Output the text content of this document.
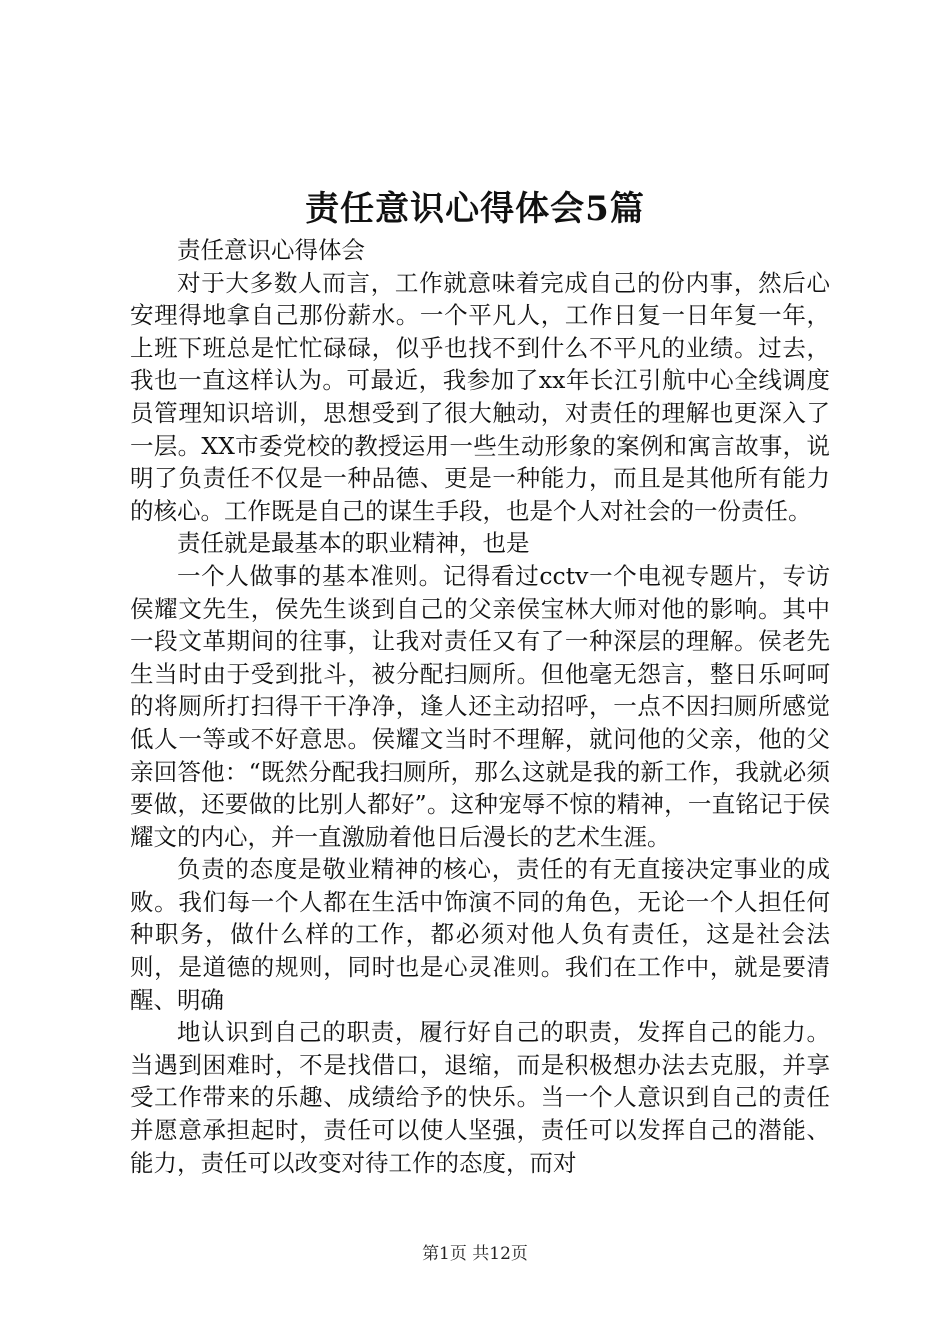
责任意识心得体会5篇

责任意识心得体会

对于大多数人而言，工作就意味着完成自己的份内事，然后心安理得地拿自己那份薪水。一个平凡人，工作日复一日年复一年，上班下班总是忙忙碌碌，似乎也找不到什么不平凡的业绩。过去，我也一直这样认为。可最近，我参加了xx年长江引航中心全线调度员管理知识培训，思想受到了很大触动，对责任的理解也更深入了一层。XX市委党校的教授运用一些生动形象的案例和寓言故事，说明了负责任不仅是一种品德、更是一种能力，而且是其他所有能力的核心。工作既是自己的谋生手段，也是个人对社会的一份责任。

责任就是最基本的职业精神，也是

一个人做事的基本准则。记得看过cctv一个电视专题片，专访侯耀文先生，侯先生谈到自己的父亲侯宝林大师对他的影响。其中一段文革期间的往事，让我对责任又有了一种深层的理解。侯老先生当时由于受到批斗，被分配扫厕所。但他毫无怨言，整日乐呵呵的将厕所打扫得干干净净，逢人还主动招呼，一点不因扫厕所感觉低人一等或不好意思。侯耀文当时不理解，就问他的父亲，他的父亲回答他：“既然分配我扫厕所，那么这就是我的新工作，我就必须要做，还要做的比别人都好”。这种宠辱不惊的精神，一直铭记于侯耀文的内心，并一直激励着他日后漫长的艺术生涯。

负责的态度是敬业精神的核心，责任的有无直接决定事业的成败。我们每一个人都在生活中饰演不同的角色，无论一个人担任何种职务，做什么样的工作，都必须对他人负有责任，这是社会法则，是道德的规则，同时也是心灵准则。我们在工作中，就是要清醒、明确

地认识到自己的职责，履行好自己的职责，发挥自己的能力。当遇到困难时，不是找借口，退缩，而是积极想办法去克服，并享受工作带来的乐趣、成绩给予的快乐。当一个人意识到自己的责任并愿意承担起时，责任可以使人坚强，责任可以发挥自己的潜能、能力，责任可以改变对待工作的态度，而对

第1页 共12页
